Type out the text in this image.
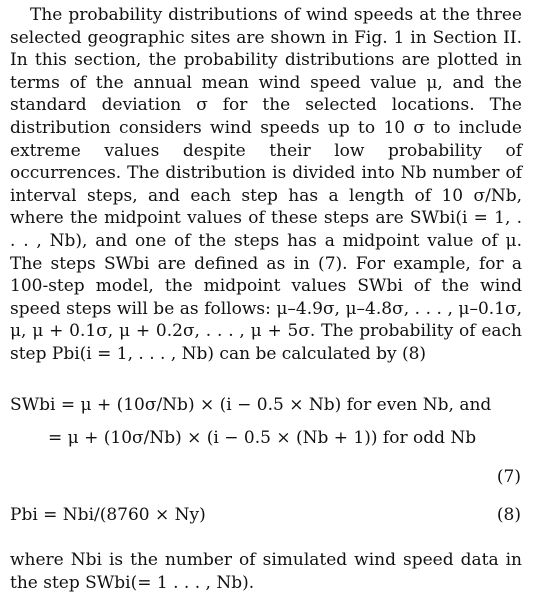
The probability distributions of wind speeds at the three selected geographic sites are shown in Fig. 1 in Section II. In this section, the probability distributions are plotted in terms of the annual mean wind speed value μ, and the standard deviation σ for the selected locations. The distribution considers wind speeds up to 10 σ to include extreme values despite their low probability of occurrences. The distribution is divided into Nb number of interval steps, and each step has a length of 10 σ/Nb, where the midpoint values of these steps are SWbi(i = 1, . . . , Nb), and one of the steps has a midpoint value of μ. The steps SWbi are defined as in (7). For example, for a 100-step model, the midpoint values SWbi of the wind speed steps will be as follows: μ–4.9σ, μ–4.8σ, . . . , μ–0.1σ, μ, μ + 0.1σ, μ + 0.2σ, . . . , μ + 5σ. The probability of each step Pbi(i = 1, . . . , Nb) can be calculated by (8)

SWbi = μ + (10σ/Nb) × (i − 0.5 × Nb) for even Nb, and
= μ + (10σ/Nb) × (i − 0.5 × (Nb + 1)) for odd Nb
(7)
Pbi = Nbi/(8760 × Ny)	(8)

where Nbi is the number of simulated wind speed data in the step SWbi(= 1 . . . , Nb).
